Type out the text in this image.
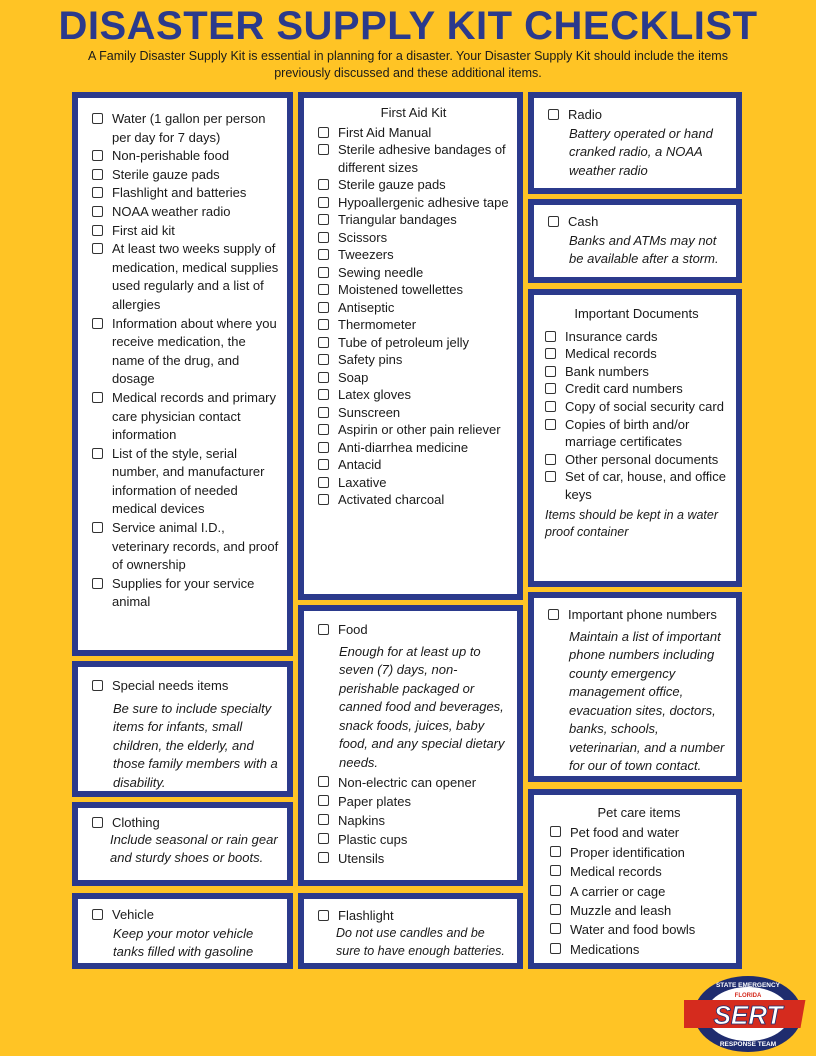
DISASTER SUPPLY KIT CHECKLIST

A Family Disaster Supply Kit is essential in planning for a disaster. Your Disaster Supply Kit should include the items previously discussed and these additional items.

Water (1 gallon per person per day for 7 days)
Non-perishable food
Sterile gauze pads
Flashlight and batteries
NOAA weather radio
First aid kit
At least two weeks supply of medication, medical supplies used regularly and a list of allergies
Information about where you receive medication, the name of the drug, and dosage
Medical records and primary care physician contact information
List of the style, serial number, and manufacturer information of needed medical devices
Service animal I.D., veterinary records, and proof of ownership
Supplies for your service animal
Special needs items
Be sure to include specialty items for infants, small children, the elderly, and those family members with a disability.
Clothing
Include seasonal or rain gear and sturdy shoes or boots.
Vehicle
Keep your motor vehicle tanks filled with gasoline
First Aid Kit
First Aid Manual
Sterile adhesive bandages of different sizes
Sterile gauze pads
Hypoallergenic adhesive tape
Triangular bandages
Scissors
Tweezers
Sewing needle
Moistened towellettes
Antiseptic
Thermometer
Tube of petroleum jelly
Safety pins
Soap
Latex gloves
Sunscreen
Aspirin or other pain reliever
Anti-diarrhea medicine
Antacid
Laxative
Activated charcoal
Food
Enough for at least up to seven (7) days, non-perishable packaged or canned food and beverages, snack foods, juices, baby food, and any special dietary needs.
Non-electric can opener
Paper plates
Napkins
Plastic cups
Utensils
Flashlight
Do not use candles and be sure to have enough batteries.
Radio
Battery operated or hand cranked radio, a NOAA weather radio
Cash
Banks and ATMs may not be available after a storm.
Important Documents
Insurance cards
Medical records
Bank numbers
Credit card numbers
Copy of social security card
Copies of birth and/or marriage certificates
Other personal documents
Set of car, house, and office keys
Items should be kept in a water proof container
Important phone numbers
Maintain a list of important phone numbers including county emergency management office, evacuation sites, doctors, banks, schools, veterinarian, and a number for our of town contact.
Pet care items
Pet food and water
Proper identification
Medical records
A carrier or cage
Muzzle and leash
Water and food bowls
Medications
STATE EMERGENCY
FLORIDA
SERT
RESPONSE TEAM
